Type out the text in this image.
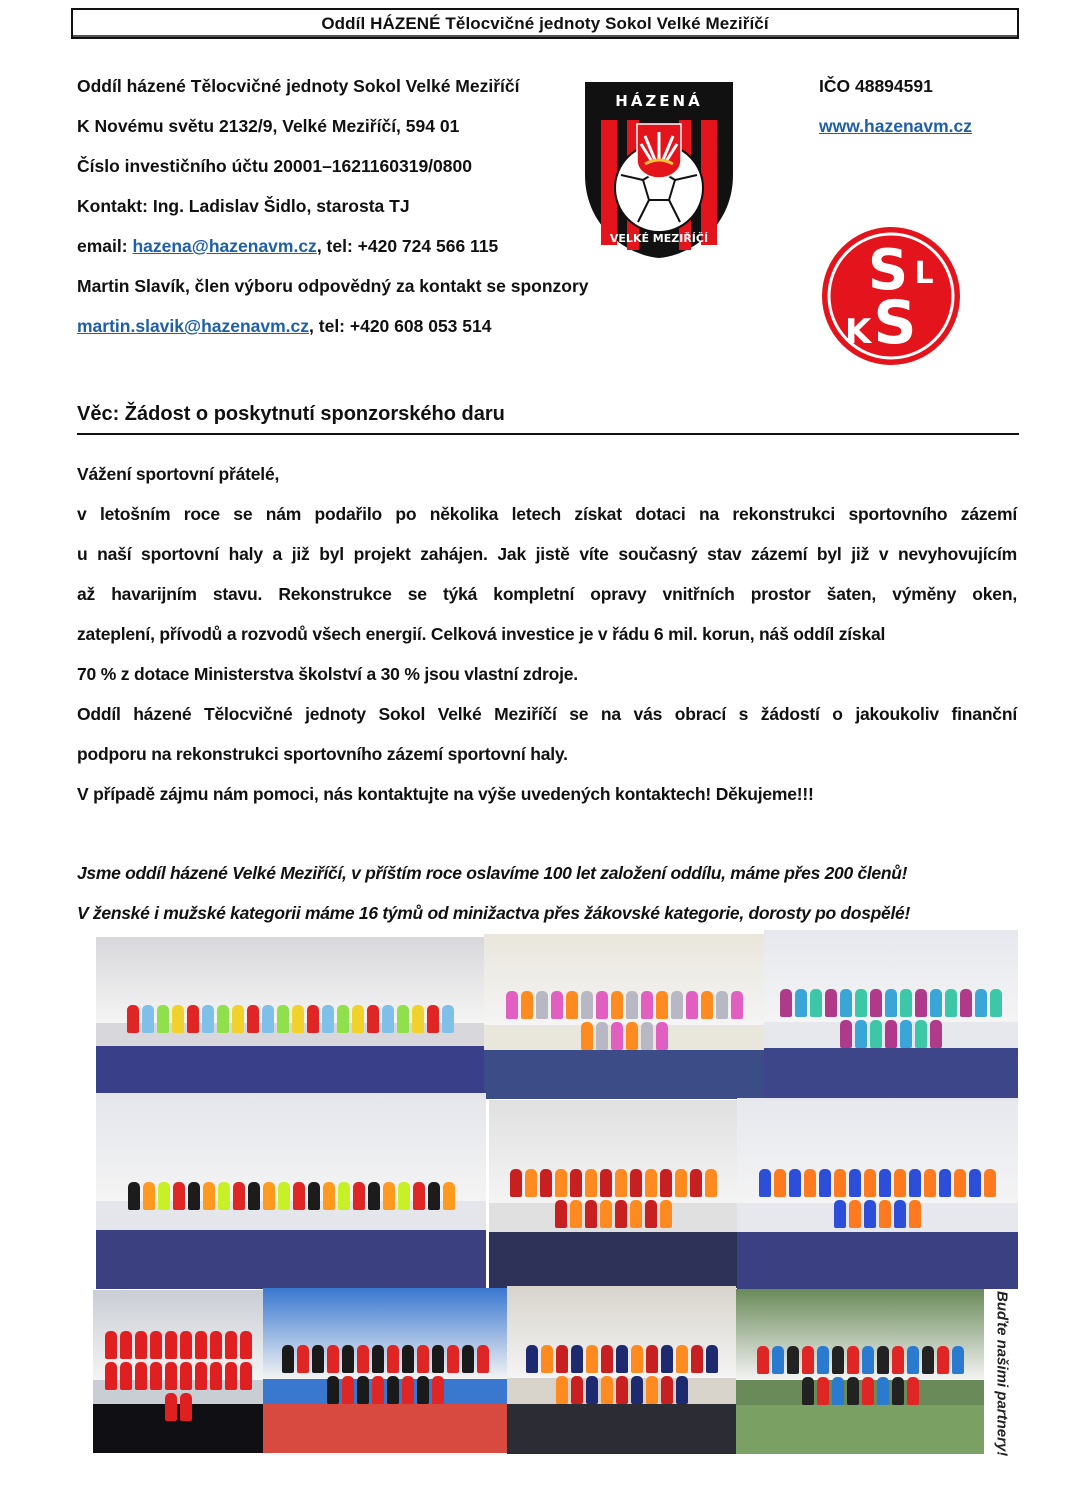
Oddíl HÁZENÉ Tělocvičné jednoty Sokol Velké Meziříčí
Oddíl házené Tělocvičné jednoty Sokol Velké Meziříčí
K Novému světu 2132/9, Velké Meziříčí, 594 01
Číslo investičního účtu 20001–1621160319/0800
Kontakt: Ing. Ladislav Šidlo, starosta TJ
email: hazena@hazenavm.cz, tel: +420 724 566 115
Martin Slavík, člen výboru odpovědný za kontakt se sponzory
martin.slavik@hazenavm.cz, tel: +420 608 053 514
IČO 48894591
www.hazenavm.cz
HÁZENÁ
VELKÉ MEZIŘÍČÍ	S
S
K
L
Věc: Žádost o poskytnutí sponzorského daru
Vážení sportovní přátelé,
v letošním roce se nám podařilo po několika letech získat dotaci na rekonstrukci sportovního zázemí
u naší sportovní haly a již byl projekt zahájen. Jak jistě víte současný stav zázemí byl již v nevyhovujícím
až havarijním stavu. Rekonstrukce se týká kompletní opravy vnitřních prostor šaten, výměny oken,
zateplení, přívodů a rozvodů všech energií. Celková investice je v řádu 6 mil. korun, náš oddíl získal
70 % z dotace Ministerstva školství a 30 % jsou vlastní zdroje.
Oddíl házené Tělocvičné jednoty Sokol Velké Meziříčí se na vás obrací s žádostí o jakoukoliv finanční
podporu na rekonstrukci sportovního zázemí sportovní haly.
V případě zájmu nám pomoci, nás kontaktujte na výše uvedených kontaktech! Děkujeme!!!
Jsme oddíl házené Velké Meziříčí, v příštím roce oslavíme 100 let založení oddílu, máme přes 200 členů!
V ženské i mužské kategorii máme 16 týmů od minižactva přes žákovské kategorie, dorosty po dospělé!
Buďte našimi partnery!
